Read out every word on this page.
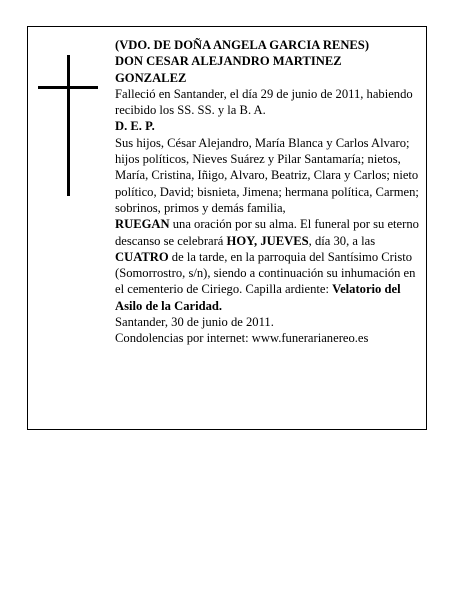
(VDO. DE DOÑA ANGELA GARCIA RENES)

DON CESAR ALEJANDRO MARTINEZ

GONZALEZ

Falleció en Santander, el día 29 de junio de 2011, habiendo recibido los SS. SS. y la B. A.

D. E. P.

Sus hijos, César Alejandro, María Blanca y Carlos Alvaro; hijos políticos, Nieves Suárez y Pilar Santamaría; nietos, María, Cristina, Iñigo, Alvaro, Beatriz, Clara y Carlos; nieto político, David; bisnieta, Jimena; hermana política, Carmen; sobrinos, primos y demás familia,

RUEGAN una oración por su alma. El funeral por su eterno descanso se celebrará HOY, JUEVES, día 30, a las CUATRO de la tarde, en la parroquia del Santísimo Cristo (Somorrostro, s/n), siendo a continuación su inhumación en el cementerio de Ciriego. Capilla ardiente: Velatorio del Asilo de la Caridad.

Santander, 30 de junio de 2011.

Condolencias por internet: www.funerarianereo.es
